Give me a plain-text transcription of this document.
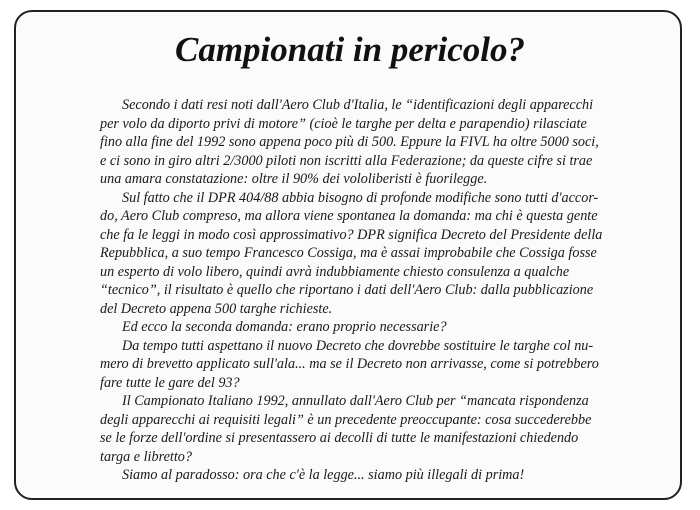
Campionati in pericolo?

Secondo i dati resi noti dall'Aero Club d'Italia, le “identificazioni degli apparecchi
per volo da diporto privi di motore” (cioè le targhe per delta e parapendio) rilasciate
fino alla fine del 1992 sono appena poco più di 500. Eppure la FIVL ha oltre 5000 soci,
e ci sono in giro altri 2/3000 piloti non iscritti alla Federazione; da queste cifre si trae
una amara constatazione: oltre il 90% dei vololiberisti è fuorilegge.

Sul fatto che il DPR 404/88 abbia bisogno di profonde modifiche sono tutti d'accor-
do, Aero Club compreso, ma allora viene spontanea la domanda: ma chi è questa gente
che fa le leggi in modo così approssimativo? DPR significa Decreto del Presidente della
Repubblica, a suo tempo Francesco Cossiga, ma è assai improbabile che Cossiga fosse
un esperto di volo libero, quindi avrà indubbiamente chiesto consulenza a qualche
“tecnico”, il risultato è quello che riportano i dati dell'Aero Club: dalla pubblicazione
del Decreto appena 500 targhe richieste.

Ed ecco la seconda domanda: erano proprio necessarie?

Da tempo tutti aspettano il nuovo Decreto che dovrebbe sostituire le targhe col nu-
mero di brevetto applicato sull'ala... ma se il Decreto non arrivasse, come si potrebbero
fare tutte le gare del 93?

Il Campionato Italiano 1992, annullato dall'Aero Club per “mancata rispondenza
degli apparecchi ai requisiti legali” è un precedente preoccupante: cosa succederebbe
se le forze dell'ordine si presentassero ai decolli di tutte le manifestazioni chiedendo
targa e libretto?

Siamo al paradosso: ora che c'è la legge... siamo più illegali di prima!
